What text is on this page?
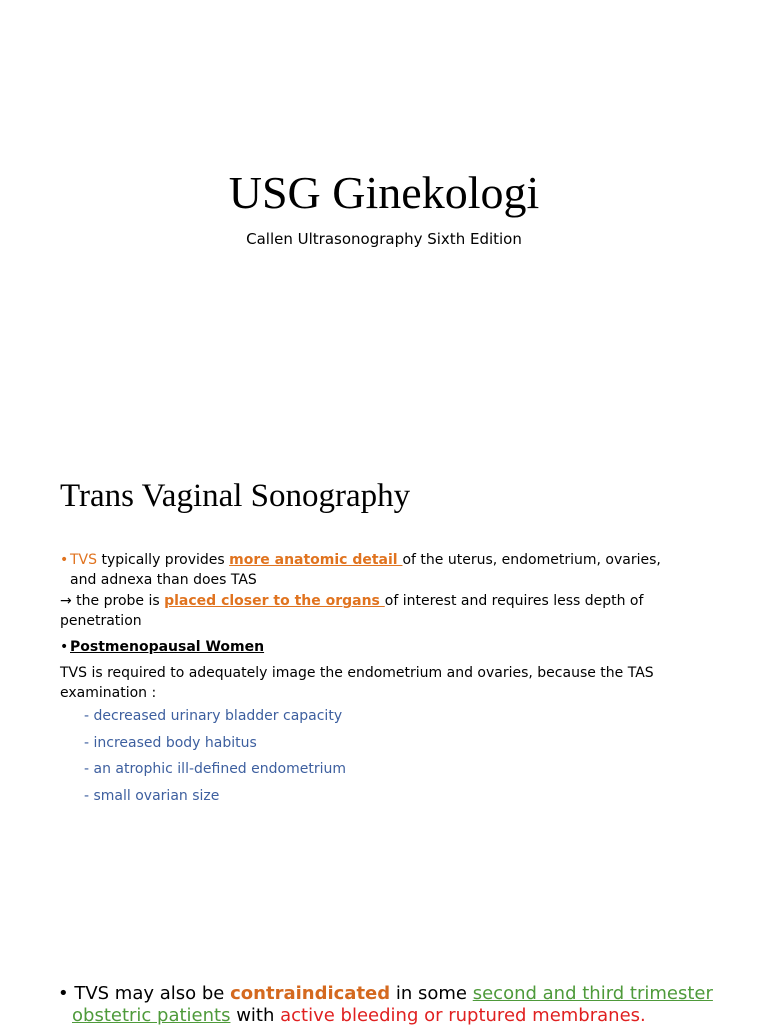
USG Ginekologi
Callen Ultrasonography Sixth Edition
Trans Vaginal Sonography
• TVS typically provides more anatomic detail of the uterus, endometrium, ovaries,
and adnexa than does TAS
→ the probe is placed closer to the organs of interest and requires less depth of
penetration
• Postmenopausal Women
TVS is required to adequately image the endometrium and ovaries, because the TAS
examination :
- decreased urinary bladder capacity
- increased body habitus
- an atrophic ill-defined endometrium
- small ovarian size
• TVS may also be contraindicated in some second and third trimester
obstetric patients with active bleeding or ruptured membranes.
